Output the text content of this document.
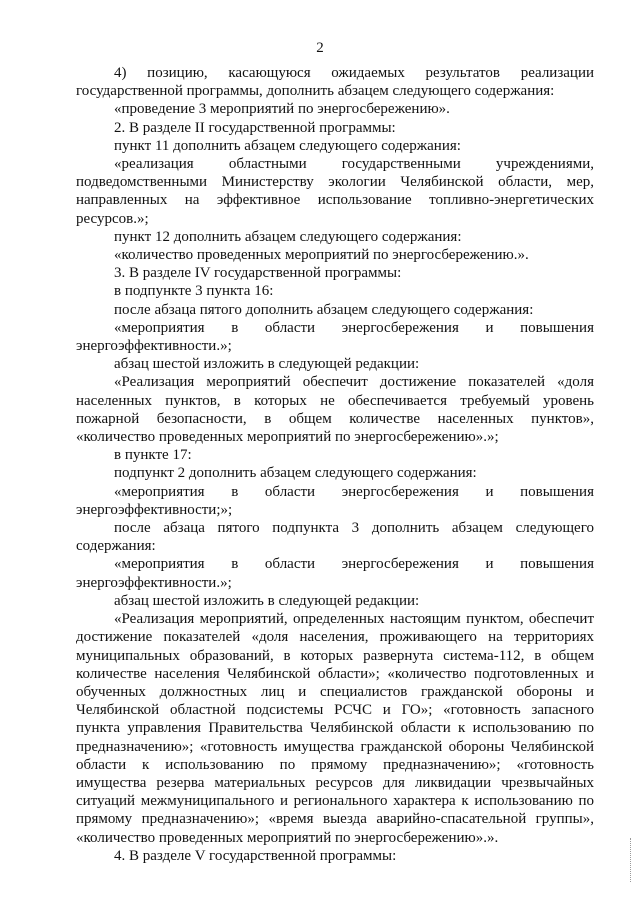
2

4) позицию, касающуюся ожидаемых результатов реализации

государственной программы, дополнить абзацем следующего содержания:

«проведение 3 мероприятий по энергосбережению».

2. В разделе II государственной программы:

пункт 11 дополнить абзацем следующего содержания:

«реализация областными государственными учреждениями,

подведомственными Министерству экологии Челябинской области, мер,

направленных на эффективное использование топливно-энергетических

ресурсов.»;

пункт 12 дополнить абзацем следующего содержания:

«количество проведенных мероприятий по энергосбережению.».

3. В разделе IV государственной программы:

в подпункте 3 пункта 16:

после абзаца пятого дополнить абзацем следующего содержания:

«мероприятия в области энергосбережения и повышения

энергоэффективности.»;

абзац шестой изложить в следующей редакции:

«Реализация мероприятий обеспечит достижение показателей «доля

населенных пунктов, в которых не обеспечивается требуемый уровень

пожарной безопасности, в общем количестве населенных пунктов»,

«количество проведенных мероприятий по энергосбережению».»;

в пункте 17:

подпункт 2 дополнить абзацем следующего содержания:

«мероприятия в области энергосбережения и повышения

энергоэффективности;»;

после абзаца пятого подпункта 3 дополнить абзацем следующего

содержания:

«мероприятия в области энергосбережения и повышения

энергоэффективности.»;

абзац шестой изложить в следующей редакции:

«Реализация мероприятий, определенных настоящим пунктом, обеспечит

достижение показателей «доля населения, проживающего на территориях

муниципальных образований, в которых развернута система-112, в общем

количестве населения Челябинской области»; «количество подготовленных и

обученных должностных лиц и специалистов гражданской обороны и

Челябинской областной подсистемы РСЧС и ГО»; «готовность запасного

пункта управления Правительства Челябинской области к использованию по

предназначению»; «готовность имущества гражданской обороны Челябинской

области к использованию по прямому предназначению»; «готовность

имущества резерва материальных ресурсов для ликвидации чрезвычайных

ситуаций межмуниципального и регионального характера к использованию по

прямому предназначению»; «время выезда аварийно-спасательной группы»,

«количество проведенных мероприятий по энергосбережению».».

4. В разделе V государственной программы:
